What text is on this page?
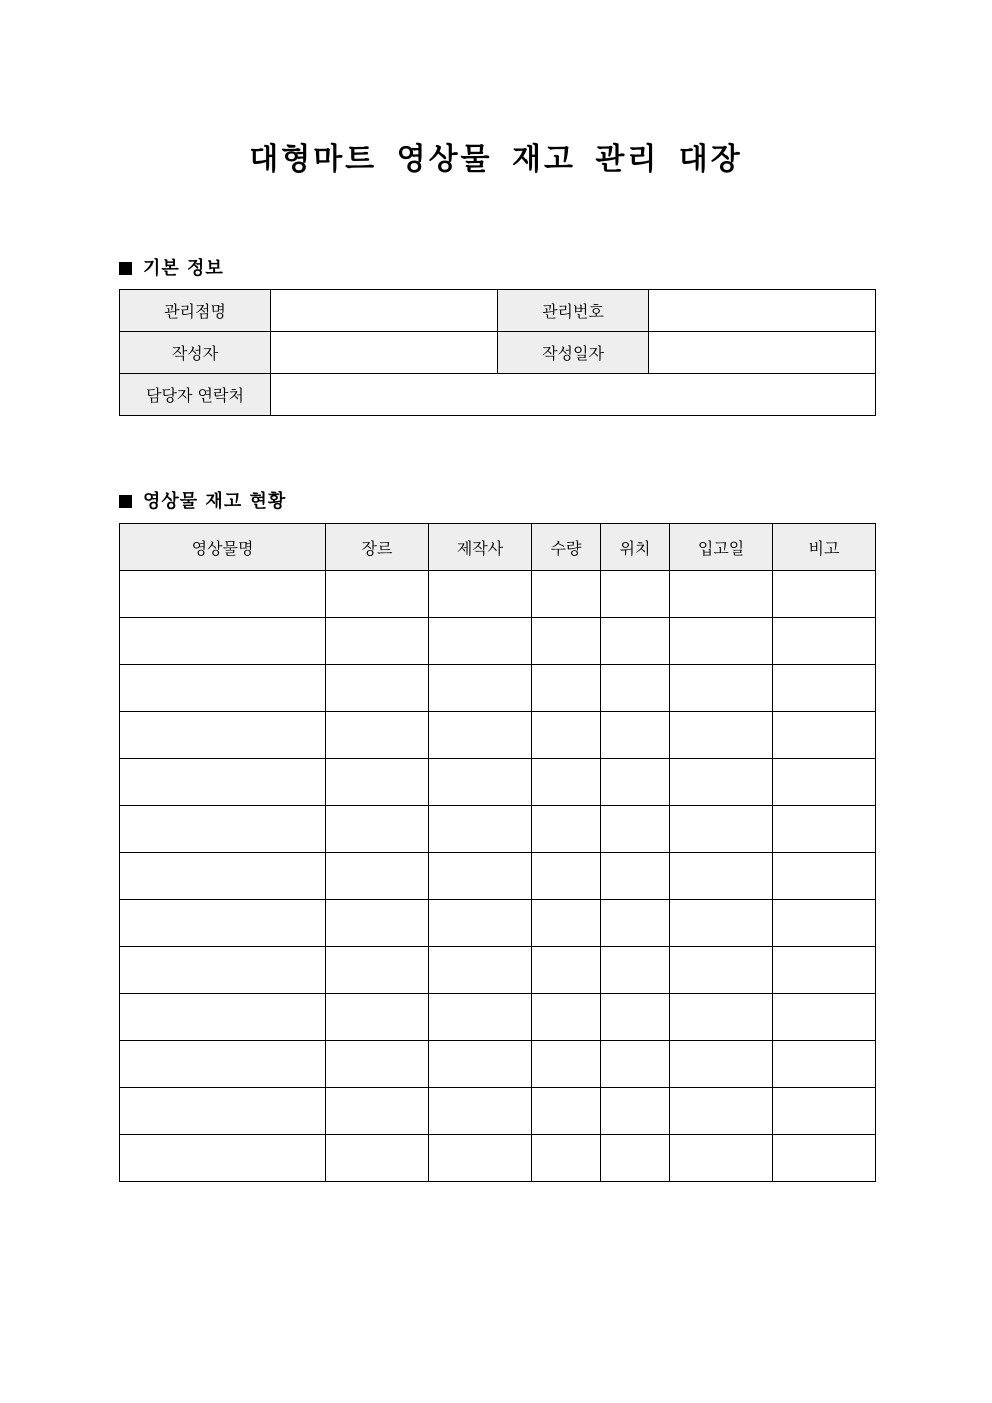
대형마트 영상물 재고 관리 대장
기본 정보
관리점명		관리번호	
작성자		작성일자	
담당자 연락처			
영상물 재고 현황
영상물명	장르	제작사	수량	위치	입고일	비고
